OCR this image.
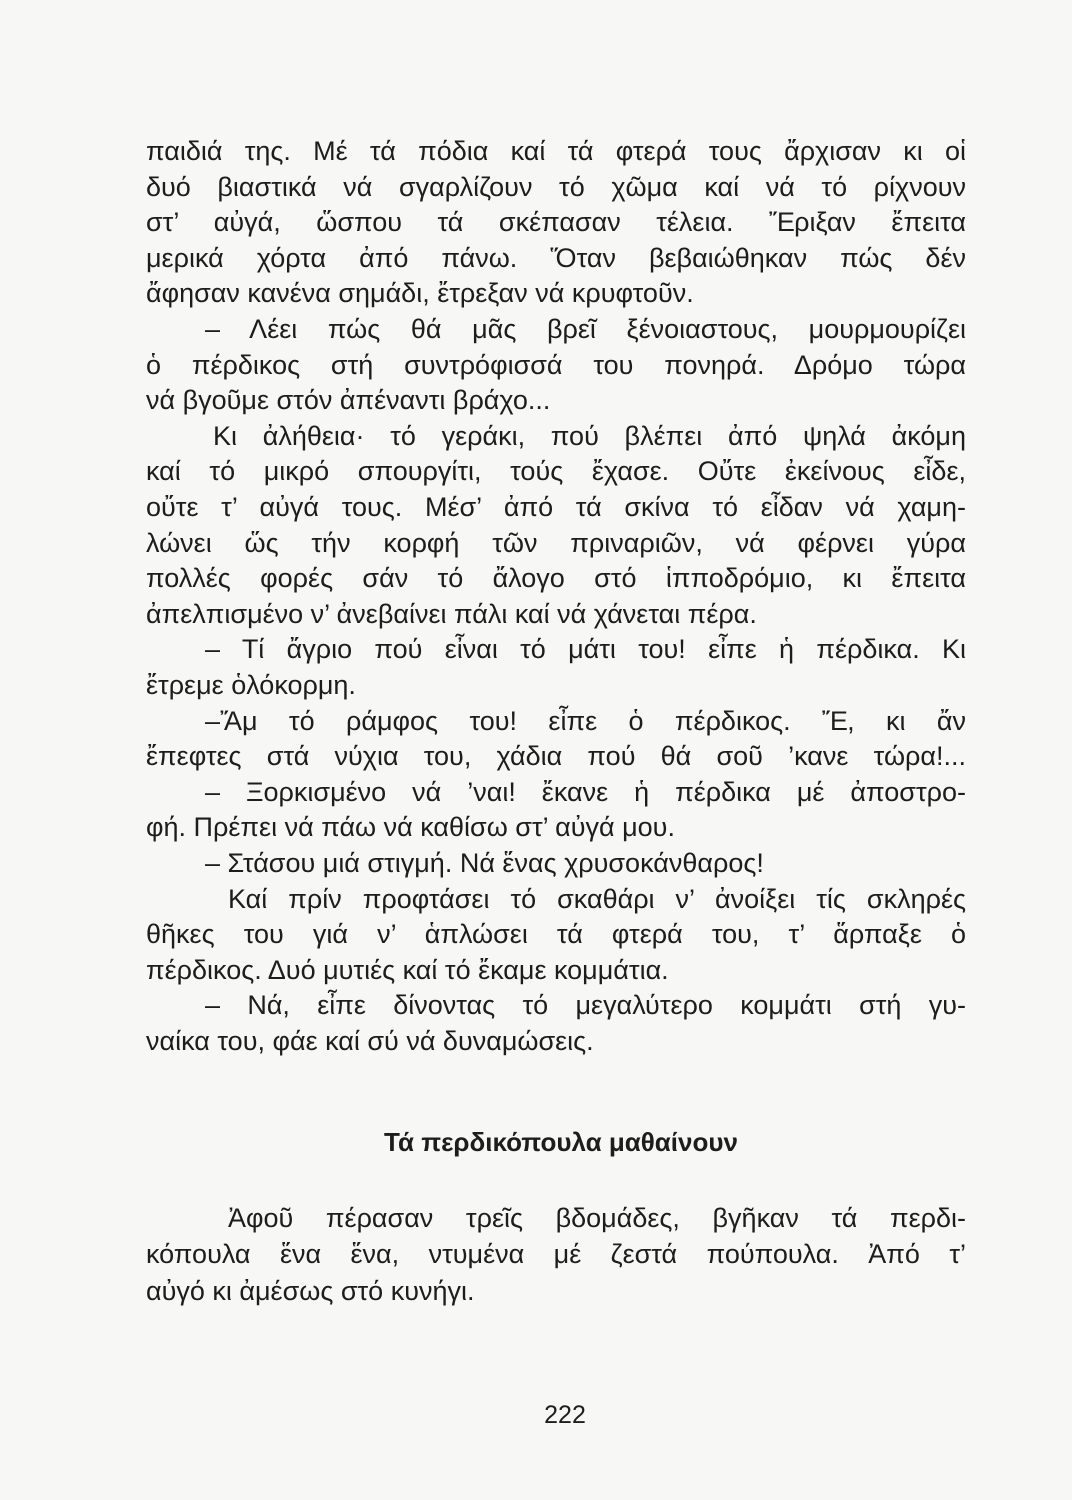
παιδιά της. Μέ τά πόδια καί τά φτερά τους ἄρχισαν κι οἱ
δυό βιαστικά νά σγαρλίζουν τό χῶμα καί νά τό ρίχνουν
στ’ αὐγά, ὥσπου τά σκέπασαν τέλεια. Ἔριξαν ἔπειτα
μερικά χόρτα ἀπό πάνω. Ὅταν βεβαιώθηκαν πώς δέν
ἄφησαν κανένα σημάδι, ἔτρεξαν νά κρυφτοῦν.
– Λέει πώς θά μᾶς βρεῖ ξένοιαστους, μουρμουρίζει
ὁ πέρδικος στή συντρόφισσά του πονηρά. Δρόμο τώρα
νά βγοῦμε στόν ἀπέναντι βράχο...
Κι ἀλήθεια· τό γεράκι, πού βλέπει ἀπό ψηλά ἀκόμη
καί τό μικρό σπουργίτι, τούς ἔχασε. Οὔτε ἐκείνους εἶδε,
οὔτε τ’ αὐγά τους. Μέσ’ ἀπό τά σκίνα τό εἶδαν νά χαμη-
λώνει ὥς τήν κορφή τῶν πριναριῶν, νά φέρνει γύρα
πολλές φορές σάν τό ἄλογο στό ἱπποδρόμιο, κι ἔπειτα
ἀπελπισμένο ν’ ἀνεβαίνει πάλι καί νά χάνεται πέρα.
– Τί ἄγριο πού εἶναι τό μάτι του! εἶπε ἡ πέρδικα. Κι
ἔτρεμε ὁλόκορμη.
–Ἄμ τό ράμφος του! εἶπε ὁ πέρδικος. Ἔ, κι ἄν
ἔπεφτες στά νύχια του, χάδια πού θά σοῦ ’κανε τώρα!...
– Ξορκισμένο νά ’ναι! ἔκανε ἡ πέρδικα μέ ἀποστρο-
φή. Πρέπει νά πάω νά καθίσω στ’ αὐγά μου.
– Στάσου μιά στιγμή. Νά ἕνας χρυσοκάνθαρος!
Καί πρίν προφτάσει τό σκαθάρι ν’ ἀνοίξει τίς σκληρές
θῆκες του γιά ν’ ἁπλώσει τά φτερά του, τ’ ἅρπαξε ὁ
πέρδικος. Δυό μυτιές καί τό ἔκαμε κομμάτια.
– Νά, εἶπε δίνοντας τό μεγαλύτερο κομμάτι στή γυ-
ναίκα του, φάε καί σύ νά δυναμώσεις.
Τά περδικόπουλα μαθαίνουν
Ἀφοῦ πέρασαν τρεῖς βδομάδες, βγῆκαν τά περδι-
κόπουλα ἕνα ἕνα, ντυμένα μέ ζεστά πούπουλα. Ἀπό τ’
αὐγό κι ἀμέσως στό κυνήγι.
222
